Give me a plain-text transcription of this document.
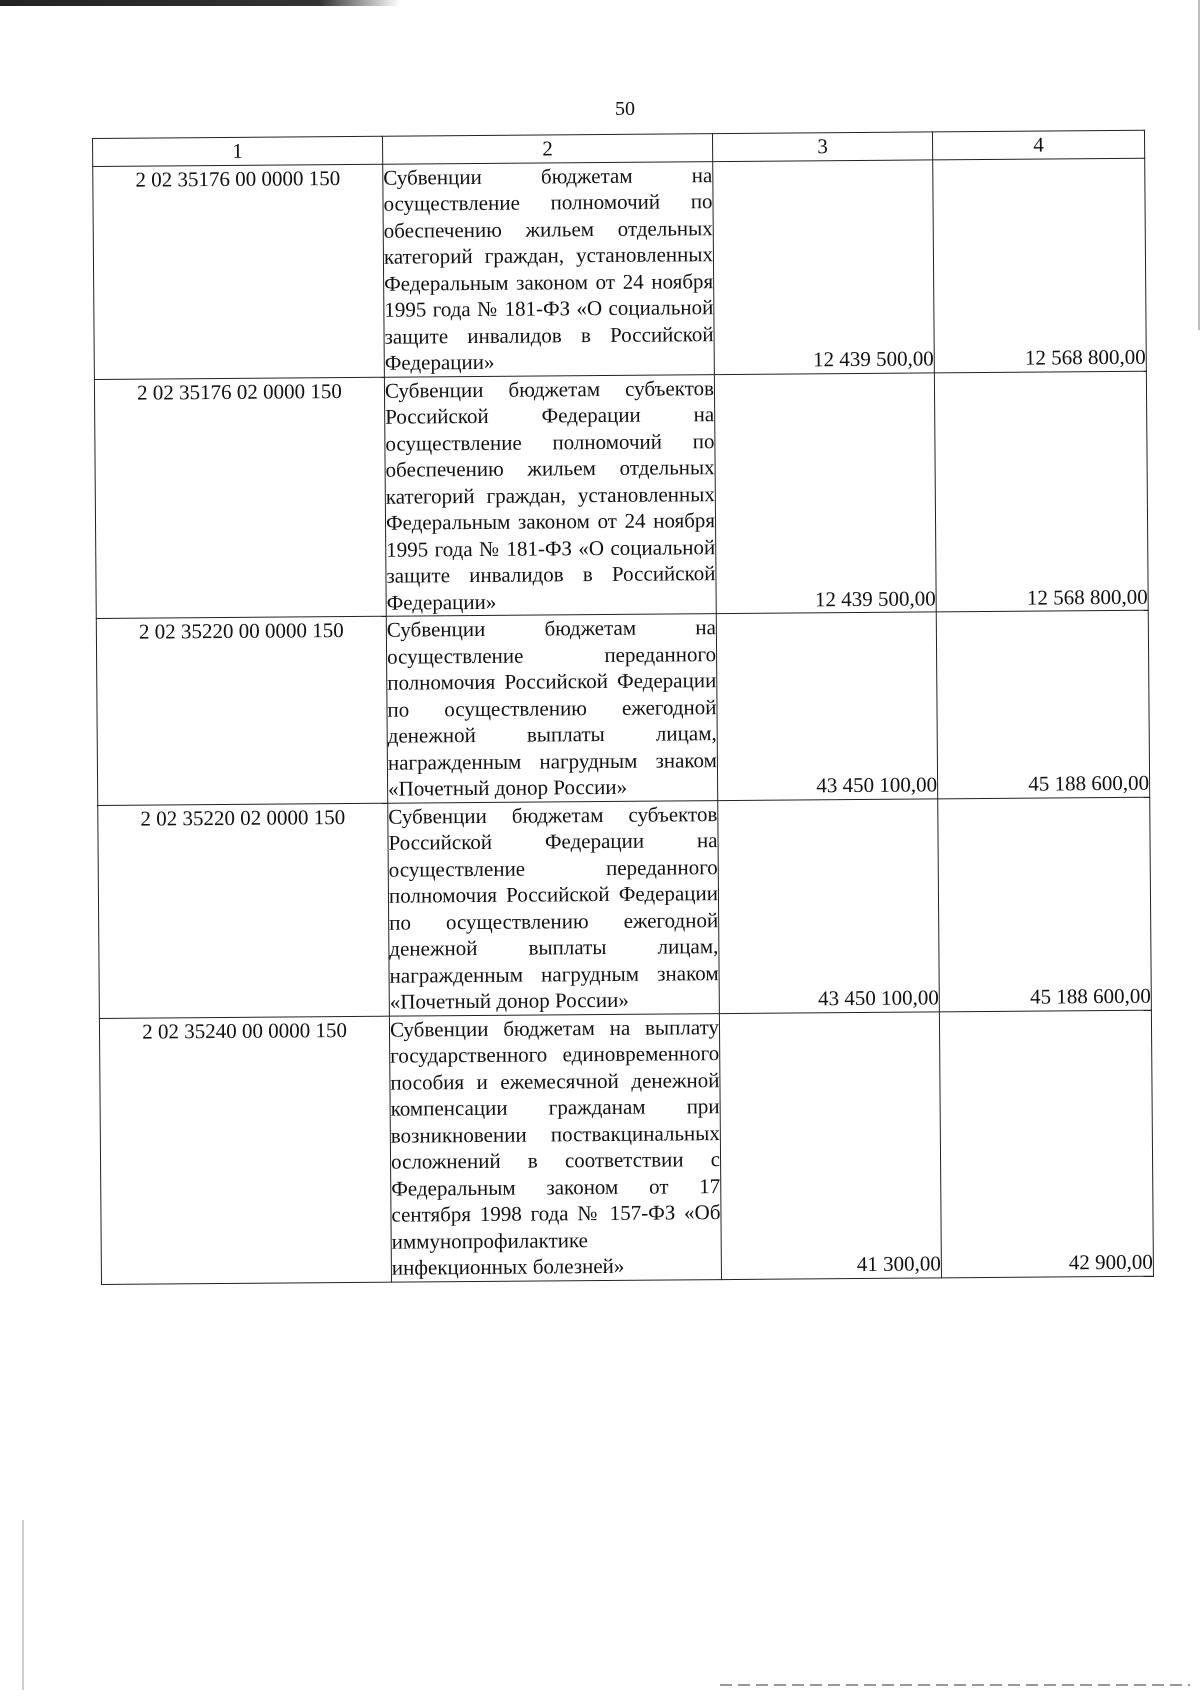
50
1	2	3	4
2 02 35176 00 0000 150	Субвенции бюджетам на осуществление полномочий по обеспечению жильем отдельных категорий граждан, установленных Федеральным законом от 24 ноября 1995 года № 181-ФЗ «О социальной защите инвалидов в Российской Федерации»	12 439 500,00	12 568 800,00
2 02 35176 02 0000 150	Субвенции бюджетам субъектов Российской Федерации на осуществление полномочий по обеспечению жильем отдельных категорий граждан, установленных Федеральным законом от 24 ноября 1995 года № 181-ФЗ «О социальной защите инвалидов в Российской Федерации»	12 439 500,00	12 568 800,00
2 02 35220 00 0000 150	Субвенции бюджетам на осуществление переданного полномочия Российской Федерации по осуществлению ежегодной денежной выплаты лицам, награжденным нагрудным знаком «Почетный донор России»	43 450 100,00	45 188 600,00
2 02 35220 02 0000 150	Субвенции бюджетам субъектов Российской Федерации на осуществление переданного полномочия Российской Федерации по осуществлению ежегодной денежной выплаты лицам, награжденным нагрудным знаком «Почетный донор России»	43 450 100,00	45 188 600,00
2 02 35240 00 0000 150	Субвенции бюджетам на выплату государственного единовременного пособия и ежемесячной денежной компенсации гражданам при возникновении поствакцинальных осложнений в соответствии с Федеральным законом от 17 сентября 1998 года № 157-ФЗ «Об иммунопрофилактике инфекционных болезней»	41 300,00	42 900,00
